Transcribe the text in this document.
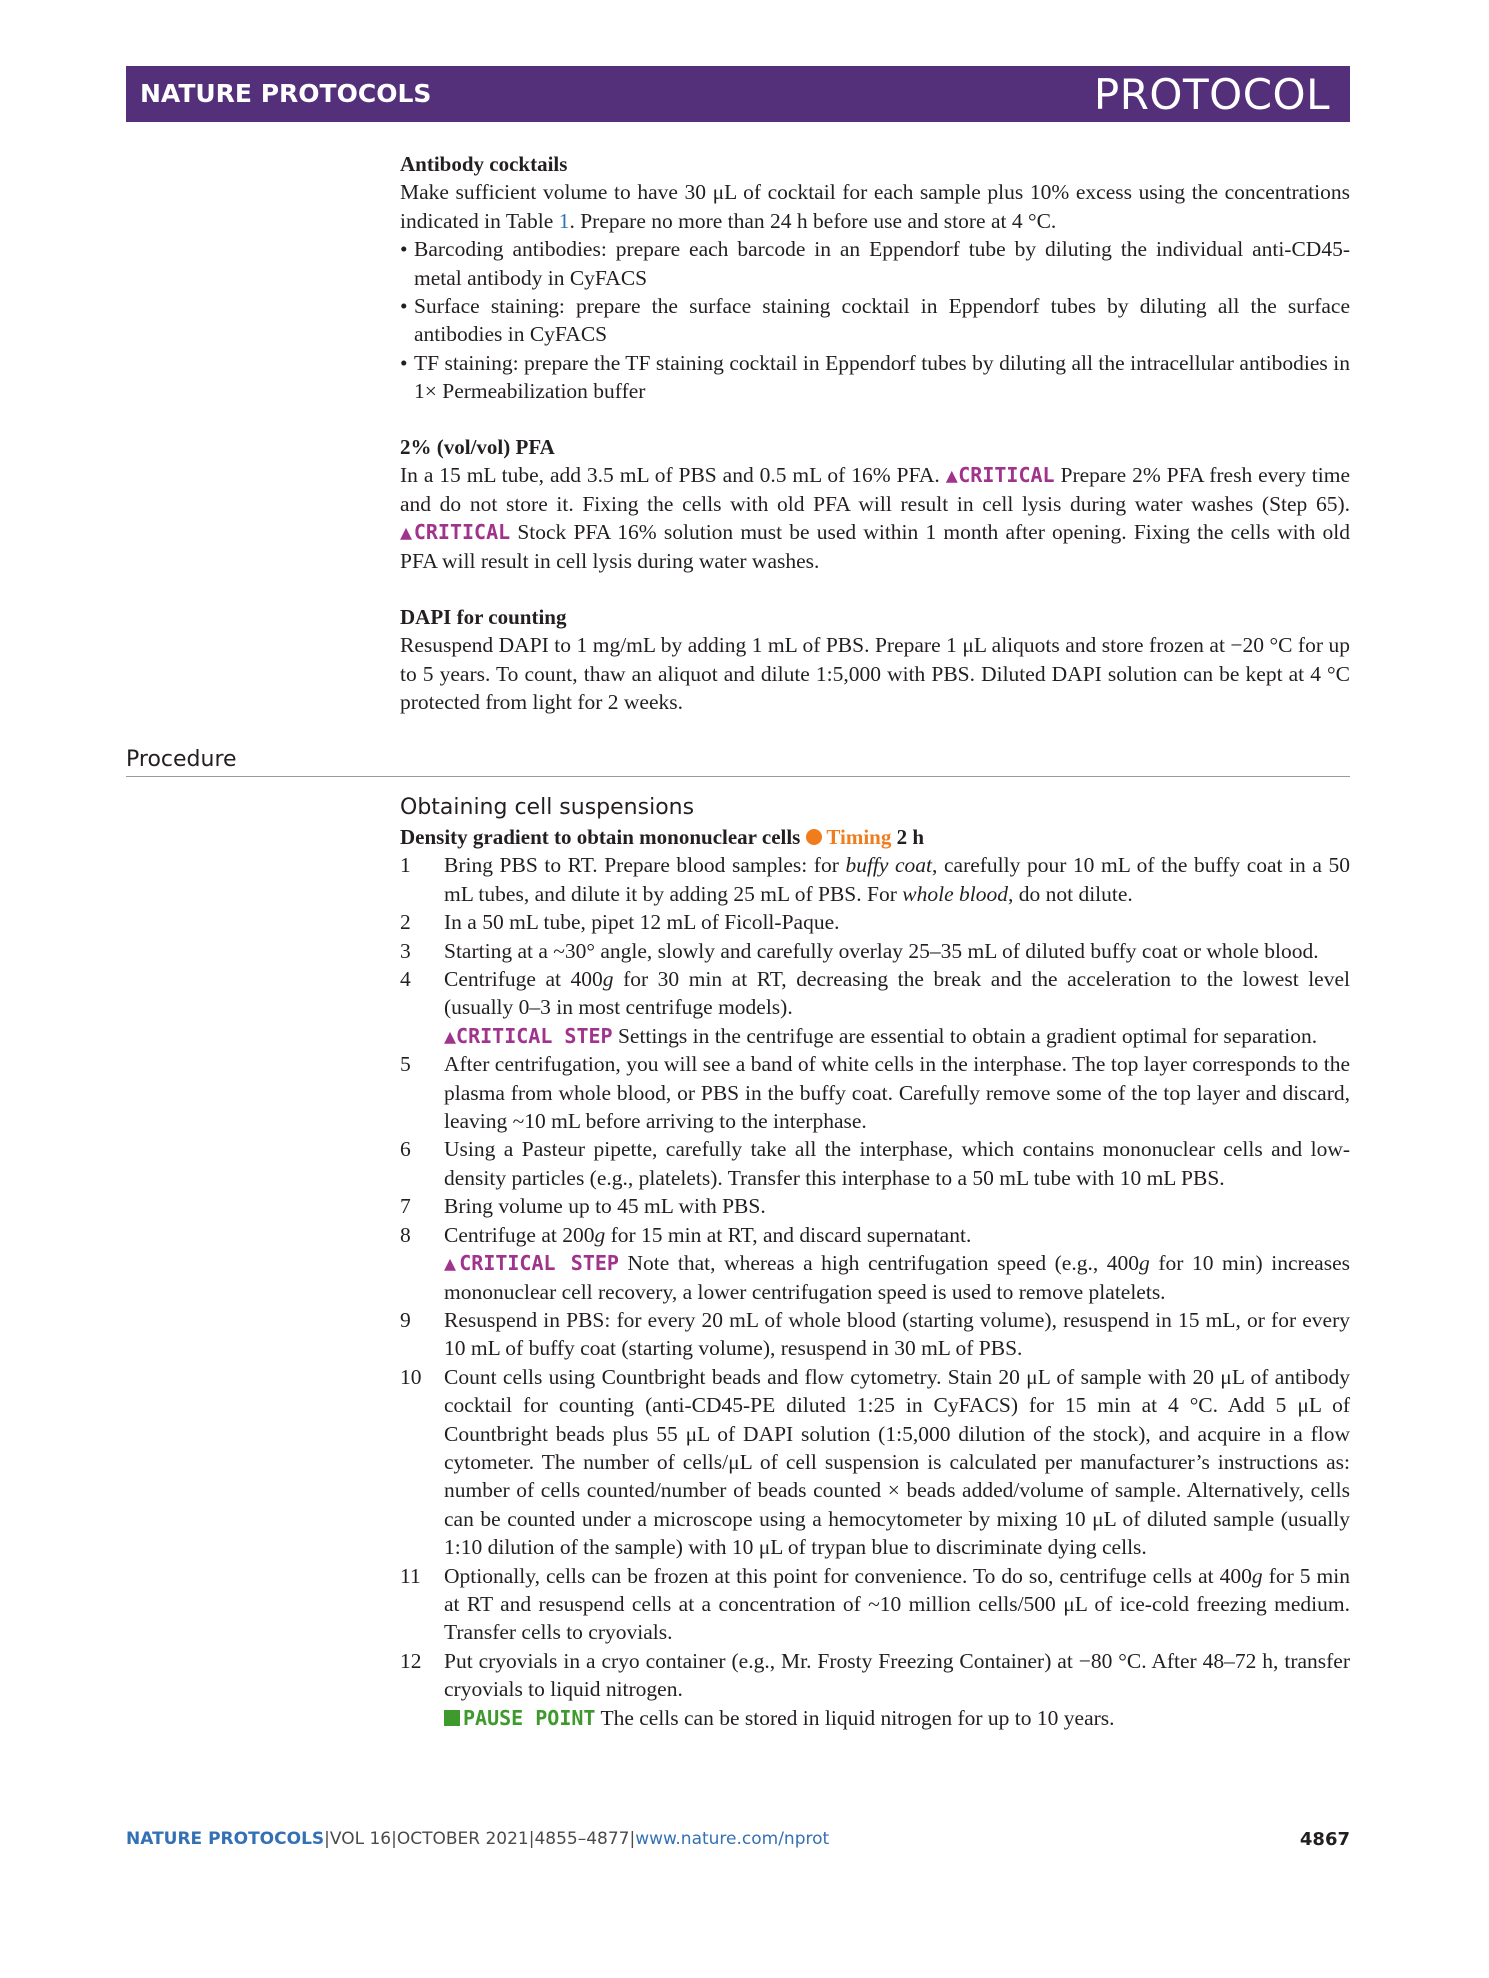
NATURE PROTOCOLS	PROTOCOL
Antibody cocktails

Make sufficient volume to have 30 μL of cocktail for each sample plus 10% excess using the concentrations indicated in Table 1. Prepare no more than 24 h before use and store at 4 °C.

• Barcoding antibodies: prepare each barcode in an Eppendorf tube by diluting the individual anti-CD45-metal antibody in CyFACS
• Surface staining: prepare the surface staining cocktail in Eppendorf tubes by diluting all the surface antibodies in CyFACS
• TF staining: prepare the TF staining cocktail in Eppendorf tubes by diluting all the intracellular antibodies in 1× Permeabilization buffer
2% (vol/vol) PFA

In a 15 mL tube, add 3.5 mL of PBS and 0.5 mL of 16% PFA. ▲CRITICAL Prepare 2% PFA fresh every time and do not store it. Fixing the cells with old PFA will result in cell lysis during water washes (Step 65). ▲CRITICAL Stock PFA 16% solution must be used within 1 month after opening. Fixing the cells with old PFA will result in cell lysis during water washes.

DAPI for counting

Resuspend DAPI to 1 mg/mL by adding 1 mL of PBS. Prepare 1 μL aliquots and store frozen at −20 °C for up to 5 years. To count, thaw an aliquot and dilute 1:5,000 with PBS. Diluted DAPI solution can be kept at 4 °C protected from light for 2 weeks.

Procedure
Obtaining cell suspensions
Density gradient to obtain mononuclear cells Timing 2 h
1 Bring PBS to RT. Prepare blood samples: for buffy coat, carefully pour 10 mL of the buffy coat in a 50 mL tubes, and dilute it by adding 25 mL of PBS. For whole blood, do not dilute.
2 In a 50 mL tube, pipet 12 mL of Ficoll-Paque.
3 Starting at a ~30° angle, slowly and carefully overlay 25–35 mL of diluted buffy coat or whole blood.
4 Centrifuge at 400g for 30 min at RT, decreasing the break and the acceleration to the lowest level (usually 0–3 in most centrifuge models).
▲CRITICAL STEP Settings in the centrifuge are essential to obtain a gradient optimal for separation.
5 After centrifugation, you will see a band of white cells in the interphase. The top layer corresponds to the plasma from whole blood, or PBS in the buffy coat. Carefully remove some of the top layer and discard, leaving ~10 mL before arriving to the interphase.
6 Using a Pasteur pipette, carefully take all the interphase, which contains mononuclear cells and low-density particles (e.g., platelets). Transfer this interphase to a 50 mL tube with 10 mL PBS.
7 Bring volume up to 45 mL with PBS.
8 Centrifuge at 200g for 15 min at RT, and discard supernatant.
▲CRITICAL STEP Note that, whereas a high centrifugation speed (e.g., 400g for 10 min) increases mononuclear cell recovery, a lower centrifugation speed is used to remove platelets.
9 Resuspend in PBS: for every 20 mL of whole blood (starting volume), resuspend in 15 mL, or for every 10 mL of buffy coat (starting volume), resuspend in 30 mL of PBS.
10 Count cells using Countbright beads and flow cytometry. Stain 20 μL of sample with 20 μL of antibody cocktail for counting (anti-CD45-PE diluted 1:25 in CyFACS) for 15 min at 4 °C. Add 5 μL of Countbright beads plus 55 μL of DAPI solution (1:5,000 dilution of the stock), and acquire in a flow cytometer. The number of cells/μL of cell suspension is calculated per manufacturer’s instructions as: number of cells counted/number of beads counted × beads added/volume of sample. Alternatively, cells can be counted under a microscope using a hemocytometer by mixing 10 μL of diluted sample (usually 1:10 dilution of the sample) with 10 μL of trypan blue to discriminate dying cells.
11 Optionally, cells can be frozen at this point for convenience. To do so, centrifuge cells at 400g for 5 min at RT and resuspend cells at a concentration of ~10 million cells/500 μL of ice-cold freezing medium. Transfer cells to cryovials.
12 Put cryovials in a cryo container (e.g., Mr. Frosty Freezing Container) at −80 °C. After 48–72 h, transfer cryovials to liquid nitrogen.
PAUSE POINT The cells can be stored in liquid nitrogen for up to 10 years.
NATURE PROTOCOLS|VOL 16|OCTOBER 2021|4855–4877|www.nature.com/nprot	4867
